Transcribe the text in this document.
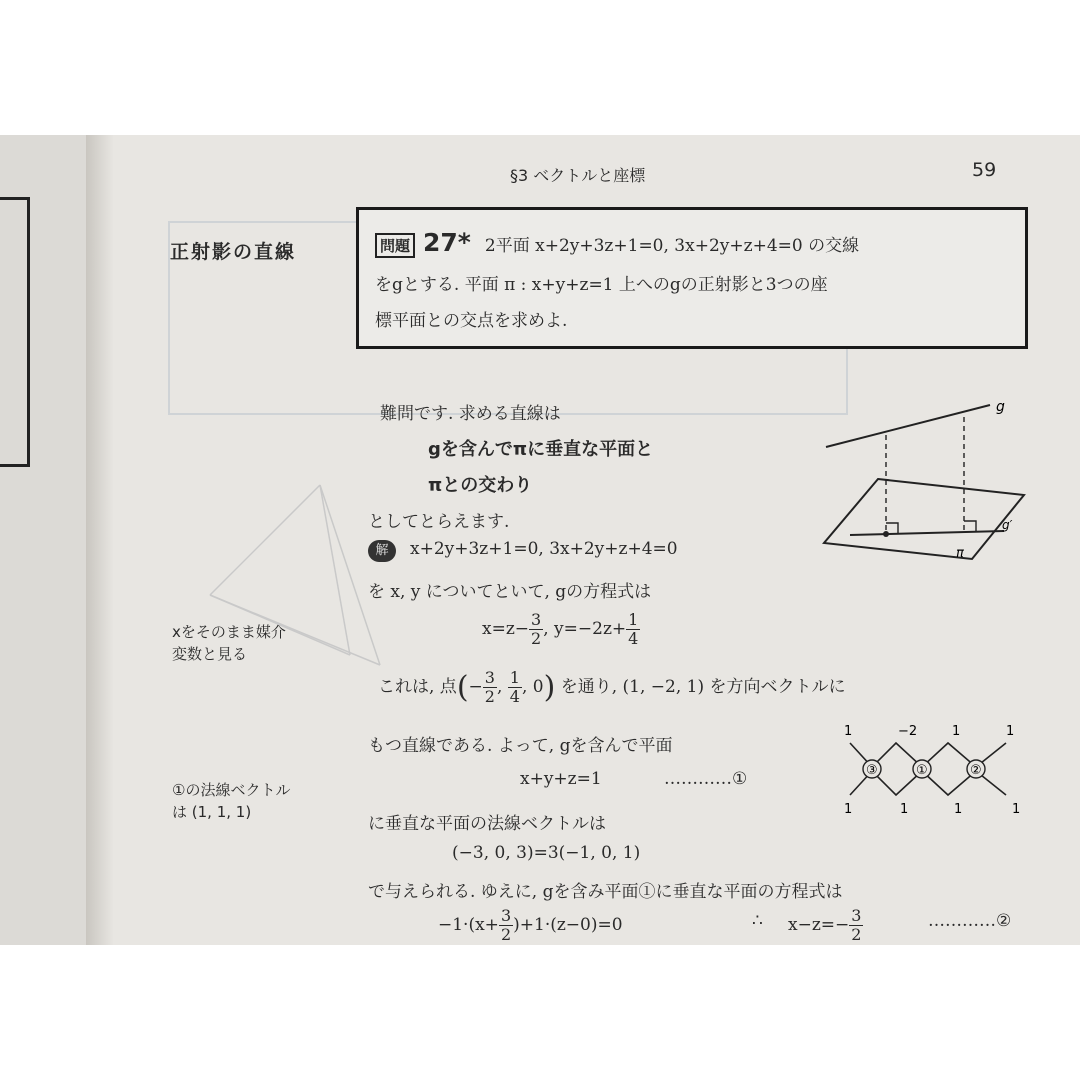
§3 ベクトルと座標	59
正射影の直線	問題 27* 2平面 x+2y+3z+1=0, 3x+2y+z+4=0 の交線
をgとする. 平面 π : x+y+z=1 上へのgの正射影と3つの座
標平面との交点を求めよ.
難問です. 求める直線は
gを含んでπに垂直な平面と
πとの交わり
としてとらえます.
解 x+2y+3z+1=0, 3x+2y+z+4=0
を x, y についてといて, gの方程式は
$x=z- \frac{3}{2}$ , $y=-2z+ \frac{1}{4}$
これは, 点(− $\frac{3}{2}$ , $\frac{1}{4}$ , 0) を通り, (1, −2, 1) を方向ベクトルに
もつ直線である. よって, gを含んで平面
x+y+z=1	…………①
に垂直な平面の法線ベクトルは
(−3, 0, 3)=3(−1, 0, 1)
で与えられる. ゆえに, gを含み平面①に垂直な平面の方程式は
$-1\cdot(x+ \frac{3}{2} )+1\cdot(z-0)=0$	∴ $x-z=- \frac{3}{2}$	…………②
xをそのまま媒介
変数と見る
①の法線ベクトル
は (1, 1, 1)
g
g′
π
③	①	②
1	−2	1	1
1	1	1	1
